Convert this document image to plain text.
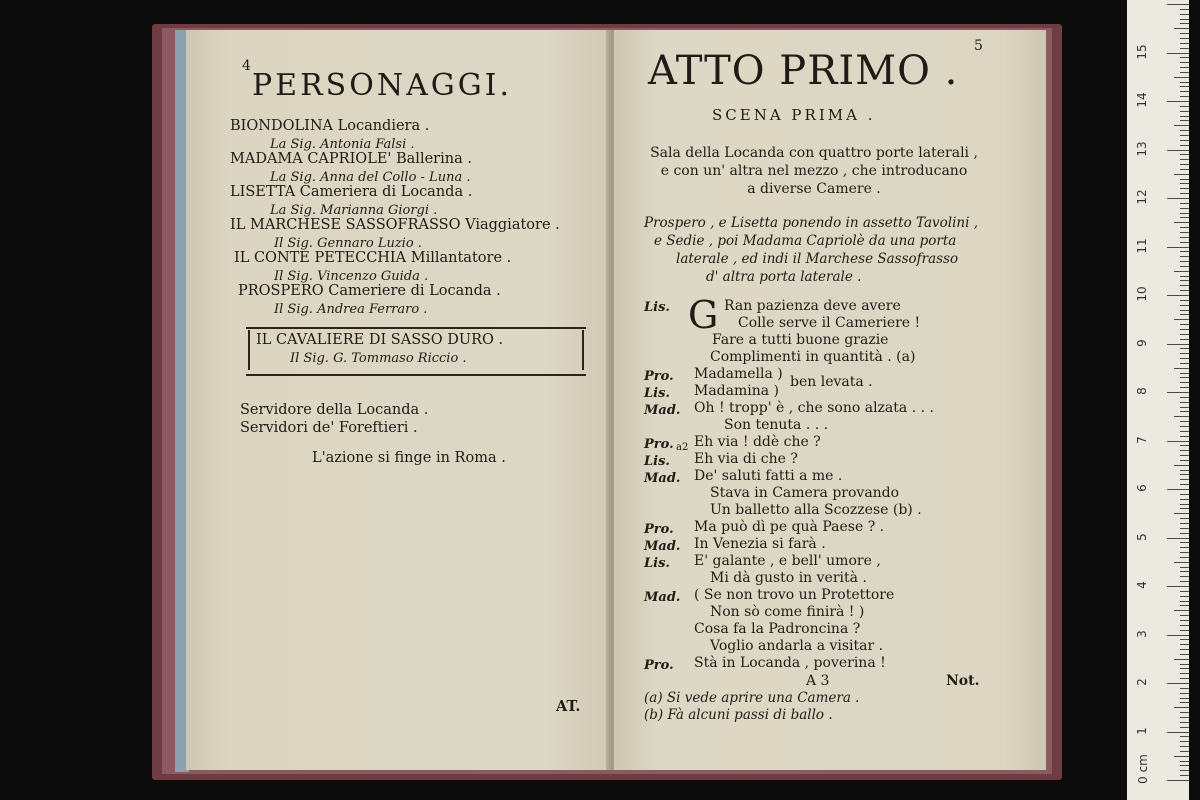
4
PERSONAGGI.
BIONDOLINA Locandiera .
La Sig. Antonia Falsi .
MADAMA CAPRIOLE' Ballerina .
La Sig. Anna del Collo - Luna .
LISETTA Cameriera di Locanda .
La Sig. Marianna Giorgi .
IL MARCHESE SASSOFRASSO Viaggiatore .
Il Sig. Gennaro Luzio .
IL CONTE PETECCHIA Millantatore .
Il Sig. Vincenzo Guida .
PROSPERO Cameriere di Locanda .
Il Sig. Andrea Ferraro .
IL CAVALIERE DI SASSO DURO .
Il Sig. G. Tommaso Riccio .
Servidore della Locanda .
Servidori de' Foreftieri .
L'azione si finge in Roma .
AT.
5
ATTO PRIMO .
SCENA PRIMA .
Sala della Locanda con quattro porte laterali ,
e con un' altra nel mezzo , che introducano
a diverse Camere .
Prospero , e Lisetta ponendo in assetto Tavolini ,
e Sedie , poi Madama Capriolè da una porta
laterale , ed indi il Marchese Sassofrasso
d' altra porta laterale .
Lis. G Ran pazienza deve avere
Colle serve il Cameriere !
Fare a tutti buone grazie
Complimenti in quantità . (a)
Pro. Madamella )
Lis. Madamina )
ben levata .
Mad. Oh ! tropp' è , che sono alzata . . .
Son tenuta . . .
Pro. Eh via ! ddè che ?
a2
Lis. Eh via di che ?
Mad. De' saluti fatti a me .
Stava in Camera provando
Un balletto alla Scozzese (b) .
Pro. Ma può dì pe quà Paese ? .
Mad. In Venezia si farà .
Lis. E' galante , e bell' umore ,
Mi dà gusto in verità .
Mad. ( Se non trovo un Protettore
Non sò come finirà ! )
Cosa fa la Padroncina ?
Voglio andarla a visitar .
Pro. Stà in Locanda , poverina !
A 3	Not.
(a) Si vede aprire una Camera .
(b) Fà alcuni passi di ballo .
0 cm
1
2
3
4
5
6
7
8
9
10
11
12
13
14
15
